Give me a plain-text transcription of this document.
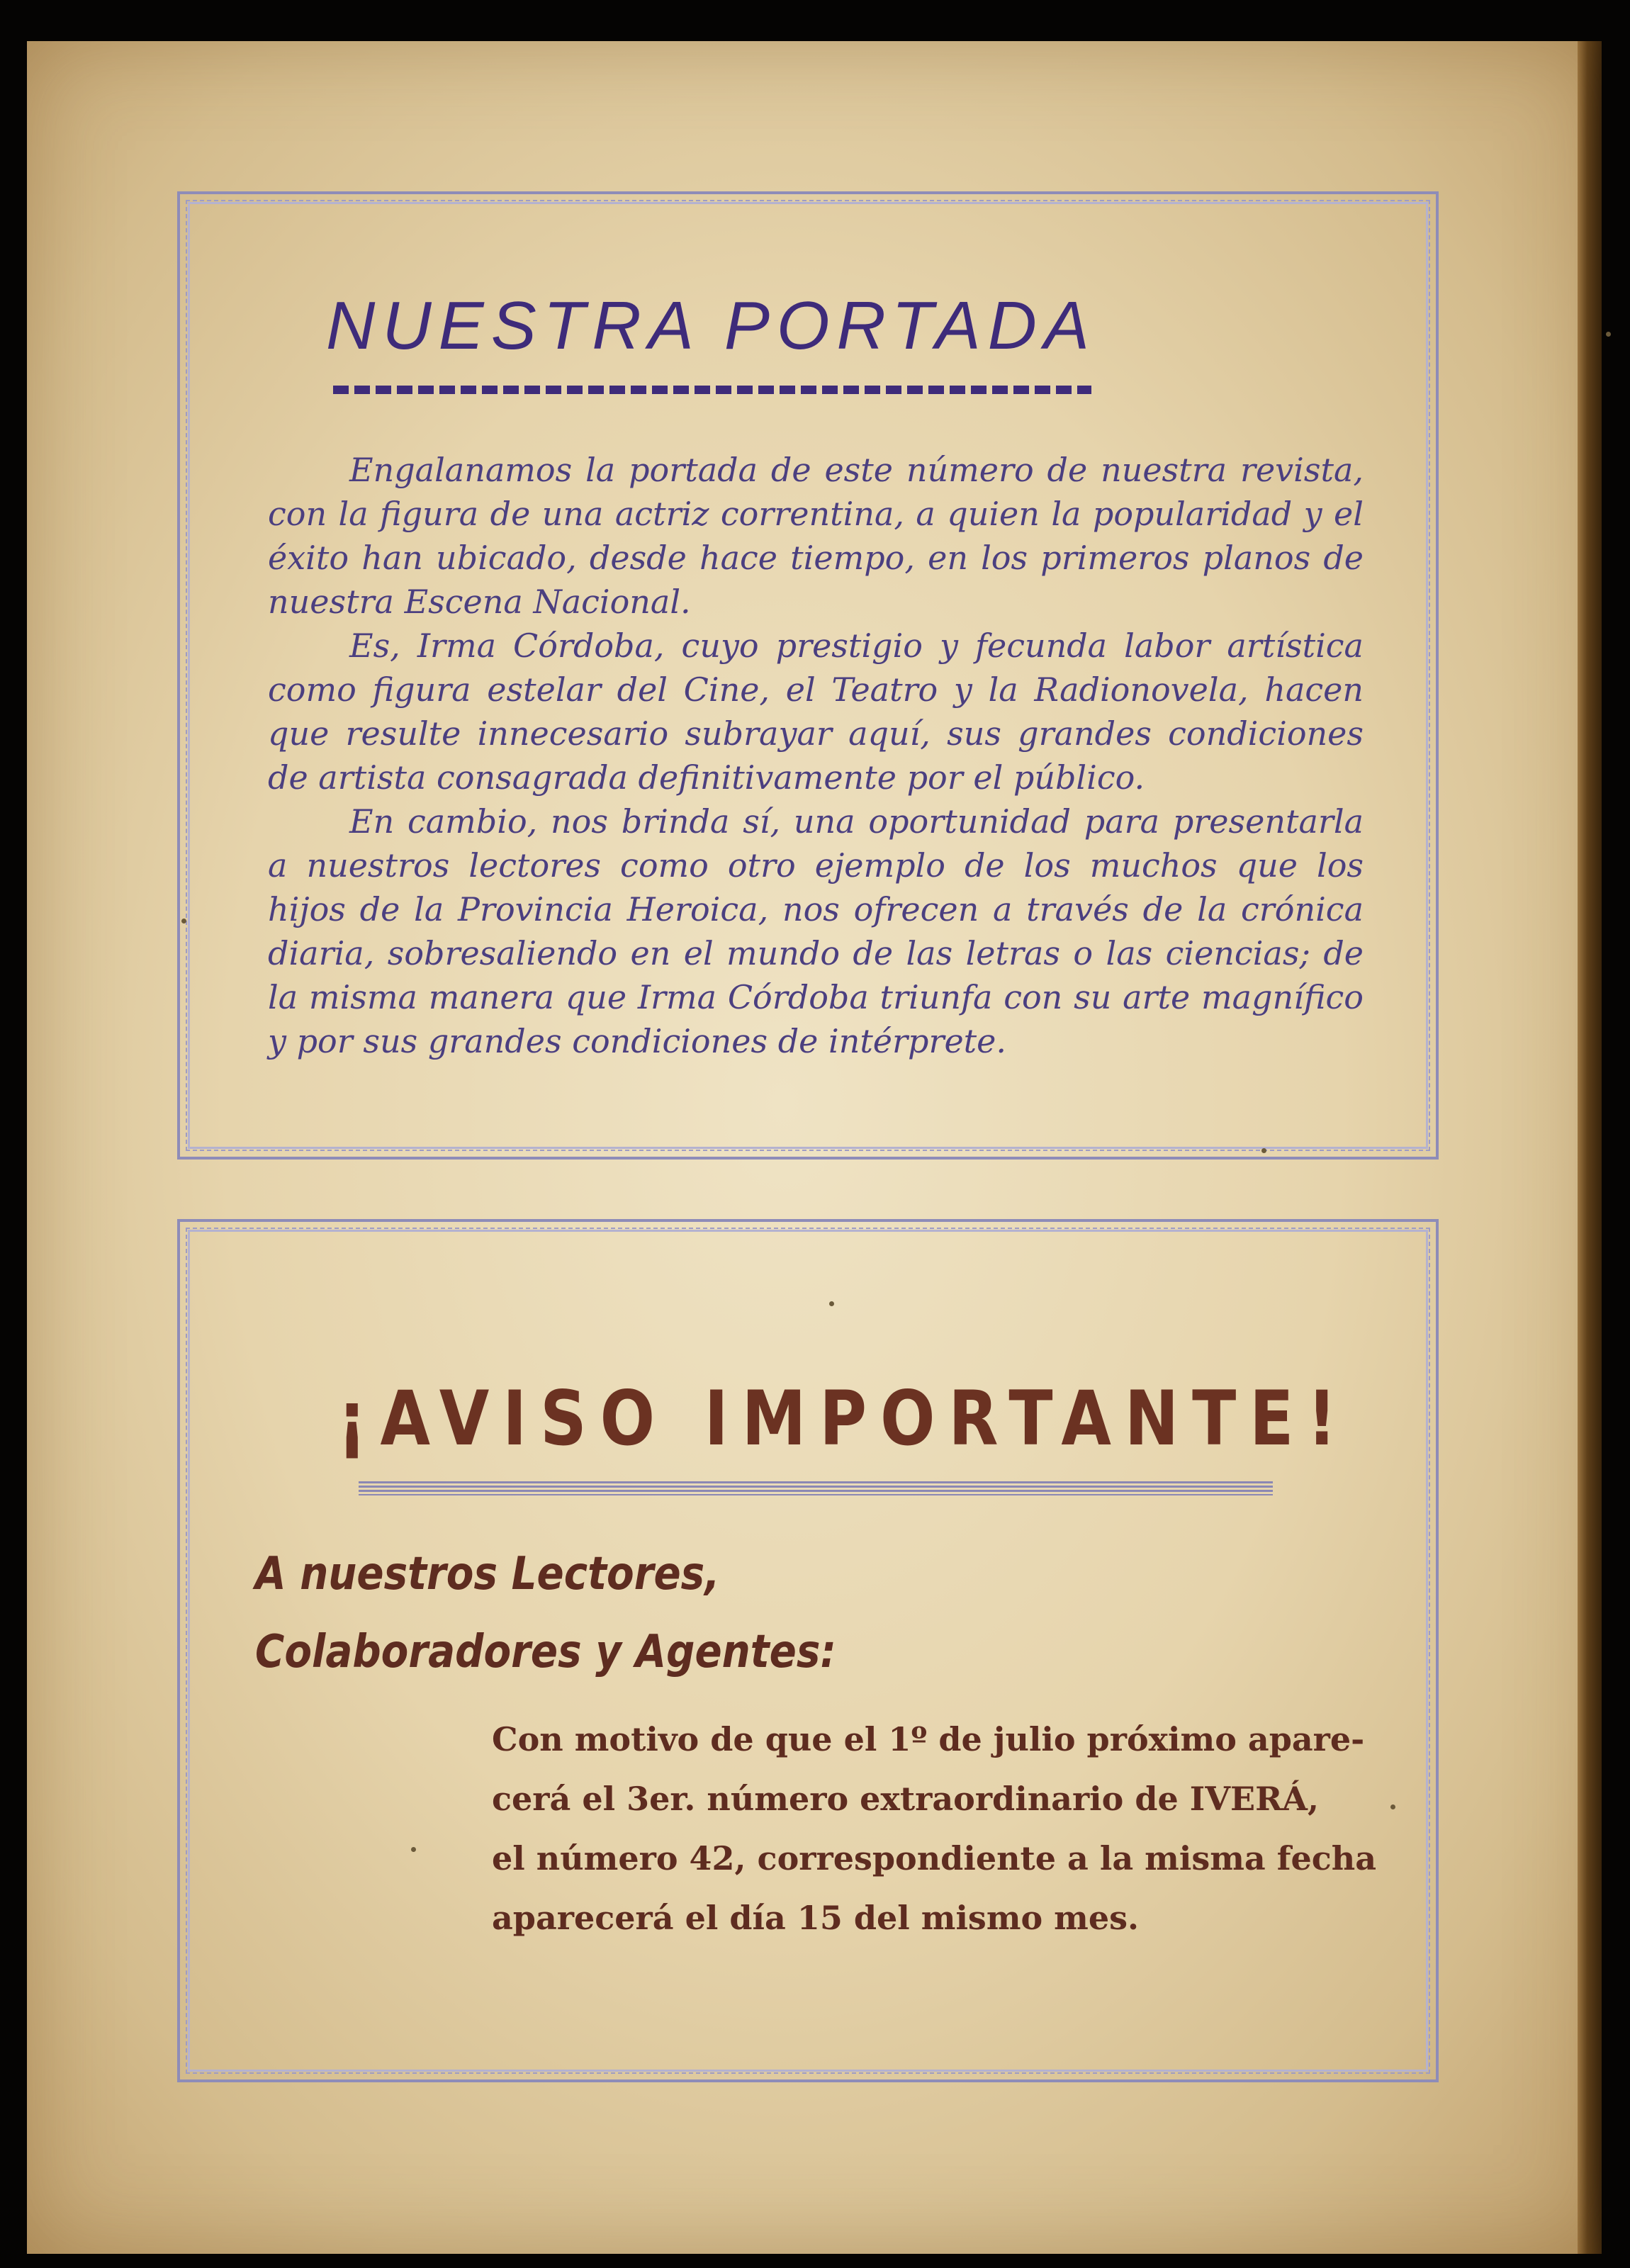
NUESTRA PORTADA

Engalanamos la portada de este número de nuestra revista, con la figura de una actriz correntina, a quien la popularidad y el éxito han ubicado, desde hace tiempo, en los primeros planos de nuestra Escena Nacional.

Es, Irma Córdoba, cuyo prestigio y fecunda labor artística como figura estelar del Cine, el Teatro y la Radionovela, hacen que resulte innecesario subrayar aquí, sus grandes condiciones de artista consagrada definitivamente por el público.

En cambio, nos brinda sí, una oportunidad para presentarla a nuestros lectores como otro ejemplo de los muchos que los hijos de la Provincia Heroica, nos ofrecen a través de la crónica diaria, sobresaliendo en el mundo de las letras o las ciencias; de la misma manera que Irma Córdoba triunfa con su arte magnífico y por sus grandes condiciones de intérprete.

¡AVISO IMPORTANTE!
A nuestros Lectores,
Colaboradores y Agentes:
Con motivo de que el 1º de julio próximo apare-
cerá el 3er. número extraordinario de IVERÁ,
el número 42, correspondiente a la misma fecha
aparecerá el día 15 del mismo mes.
